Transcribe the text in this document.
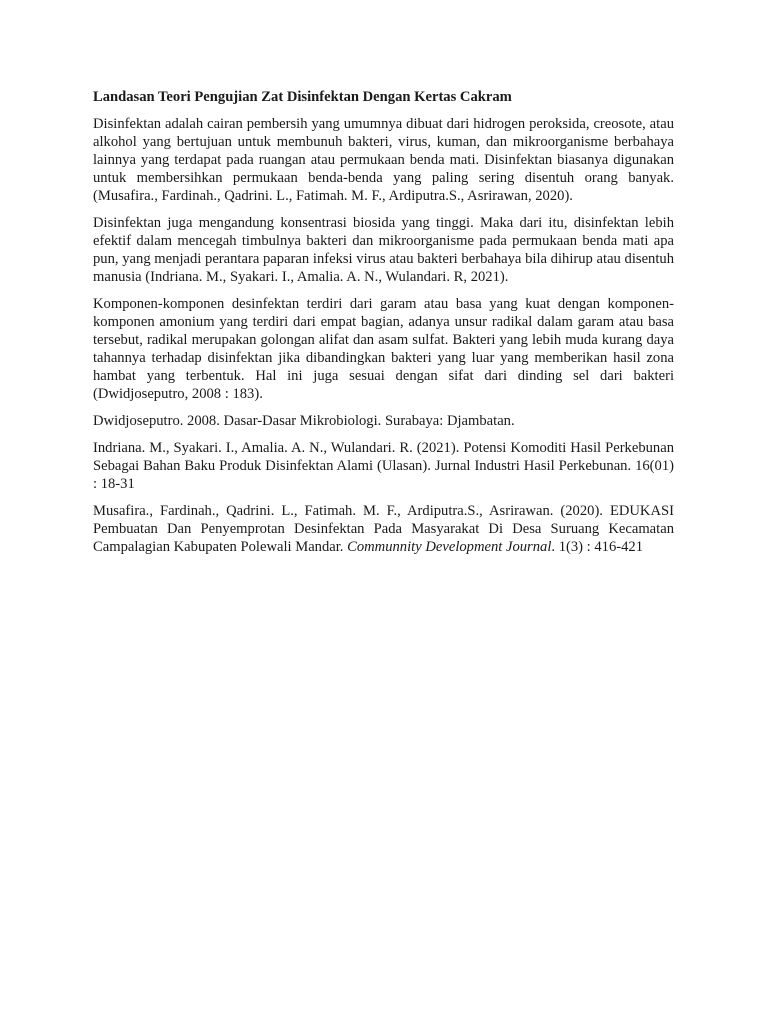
Landasan Teori Pengujian Zat Disinfektan Dengan Kertas Cakram

Disinfektan adalah cairan pembersih yang umumnya dibuat dari hidrogen peroksida, creosote, atau alkohol yang bertujuan untuk membunuh bakteri, virus, kuman, dan mikroorganisme berbahaya lainnya yang terdapat pada ruangan atau permukaan benda mati. Disinfektan biasanya digunakan untuk membersihkan permukaan benda-benda yang paling sering disentuh orang banyak. (Musafira., Fardinah., Qadrini. L., Fatimah. M. F., Ardiputra.S., Asrirawan, 2020).

Disinfektan juga mengandung konsentrasi biosida yang tinggi. Maka dari itu, disinfektan lebih efektif dalam mencegah timbulnya bakteri dan mikroorganisme pada permukaan benda mati apa pun, yang menjadi perantara paparan infeksi virus atau bakteri berbahaya bila dihirup atau disentuh manusia (Indriana. M., Syakari. I., Amalia. A. N., Wulandari. R, 2021).

Komponen-komponen desinfektan terdiri dari garam atau basa yang kuat dengan komponen-komponen amonium yang terdiri dari empat bagian, adanya unsur radikal dalam garam atau basa tersebut, radikal merupakan golongan alifat dan asam sulfat. Bakteri yang lebih muda kurang daya tahannya terhadap disinfektan jika dibandingkan bakteri yang luar yang memberikan hasil zona hambat yang terbentuk. Hal ini juga sesuai dengan sifat dari dinding sel dari bakteri (Dwidjoseputro, 2008 : 183).

Dwidjoseputro. 2008. Dasar-Dasar Mikrobiologi. Surabaya: Djambatan.

Indriana. M., Syakari. I., Amalia. A. N., Wulandari. R. (2021). Potensi Komoditi Hasil Perkebunan Sebagai Bahan Baku Produk Disinfektan Alami (Ulasan). Jurnal Industri Hasil Perkebunan. 16(01) : 18-31

Musafira., Fardinah., Qadrini. L., Fatimah. M. F., Ardiputra.S., Asrirawan. (2020). EDUKASI Pembuatan Dan Penyemprotan Desinfektan Pada Masyarakat Di Desa Suruang Kecamatan Campalagian Kabupaten Polewali Mandar. Communnity Development Journal. 1(3) : 416-421
